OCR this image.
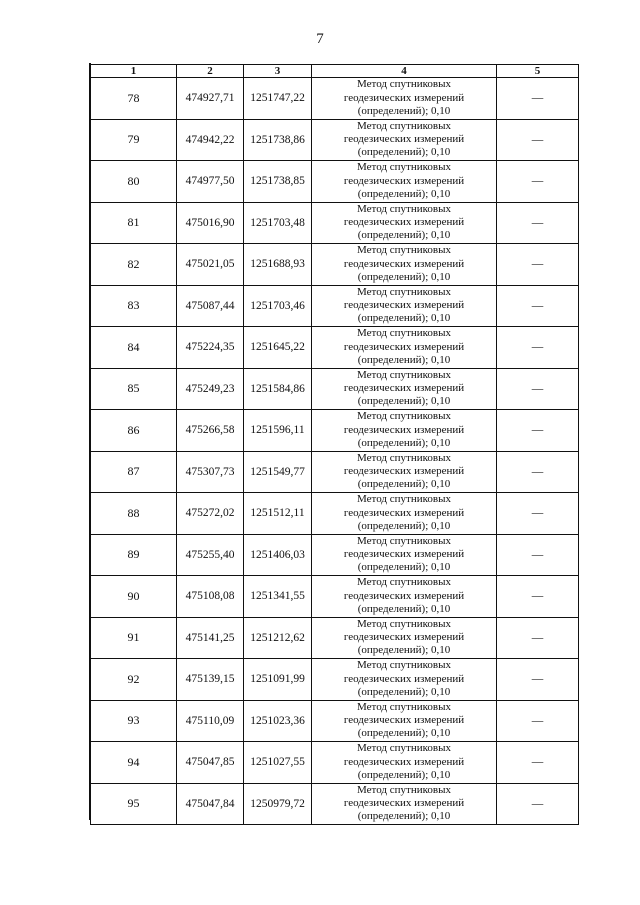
7
1	2	3	4	5
78	474927,71	1251747,22	Метод спутниковых
геодезических измерений
(определений); 0,10	—
79	474942,22	1251738,86	Метод спутниковых
геодезических измерений
(определений); 0,10	—
80	474977,50	1251738,85	Метод спутниковых
геодезических измерений
(определений); 0,10	—
81	475016,90	1251703,48	Метод спутниковых
геодезических измерений
(определений); 0,10	—
82	475021,05	1251688,93	Метод спутниковых
геодезических измерений
(определений); 0,10	—
83	475087,44	1251703,46	Метод спутниковых
геодезических измерений
(определений); 0,10	—
84	475224,35	1251645,22	Метод спутниковых
геодезических измерений
(определений); 0,10	—
85	475249,23	1251584,86	Метод спутниковых
геодезических измерений
(определений); 0,10	—
86	475266,58	1251596,11	Метод спутниковых
геодезических измерений
(определений); 0,10	—
87	475307,73	1251549,77	Метод спутниковых
геодезических измерений
(определений); 0,10	—
88	475272,02	1251512,11	Метод спутниковых
геодезических измерений
(определений); 0,10	—
89	475255,40	1251406,03	Метод спутниковых
геодезических измерений
(определений); 0,10	—
90	475108,08	1251341,55	Метод спутниковых
геодезических измерений
(определений); 0,10	—
91	475141,25	1251212,62	Метод спутниковых
геодезических измерений
(определений); 0,10	—
92	475139,15	1251091,99	Метод спутниковых
геодезических измерений
(определений); 0,10	—
93	475110,09	1251023,36	Метод спутниковых
геодезических измерений
(определений); 0,10	—
94	475047,85	1251027,55	Метод спутниковых
геодезических измерений
(определений); 0,10	—
95	475047,84	1250979,72	Метод спутниковых
геодезических измерений
(определений); 0,10	—
